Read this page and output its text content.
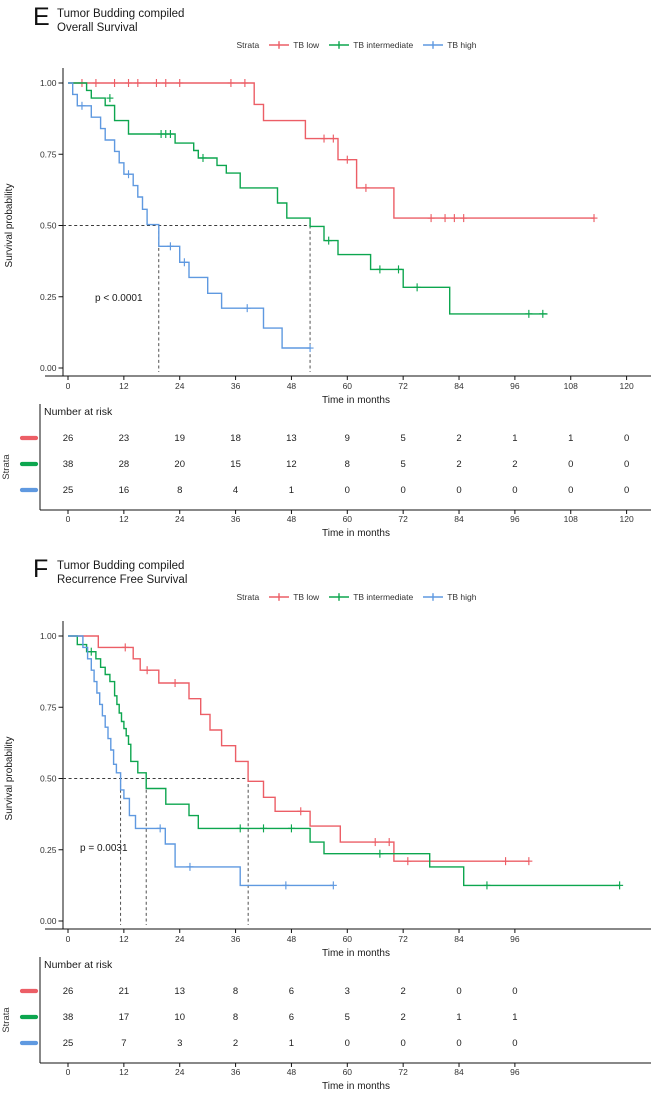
E Tumor Budding compiled
Overall Survival
Strata	TB low	TB intermediate	TB high
0.00
0.25
0.50
0.75
1.00
0	12	24	36	48	60	72	84	96	108	120
Time in months
Survival probability
p < 0.0001
Number at risk
Strata
26	23	19	18	13	9	5	2	1	1	0
38	28	20	15	12	8	5	2	2	0	0
25	16	8	4	1	0	0	0	0	0	0
0	12	24	36	48	60	72	84	96	108	120
Time in months
F Tumor Budding compiled
Recurrence Free Survival
Strata	TB low	TB intermediate	TB high
0.00
0.25
0.50
0.75
1.00
0	12	24	36	48	60	72	84	96
Time in months
Survival probability
p = 0.0031
Number at risk
Strata
26	21	13	8	6	3	2	0	0
38	17	10	8	6	5	2	1	1
25	7	3	2	1	0	0	0	0
0	12	24	36	48	60	72	84	96
Time in months
